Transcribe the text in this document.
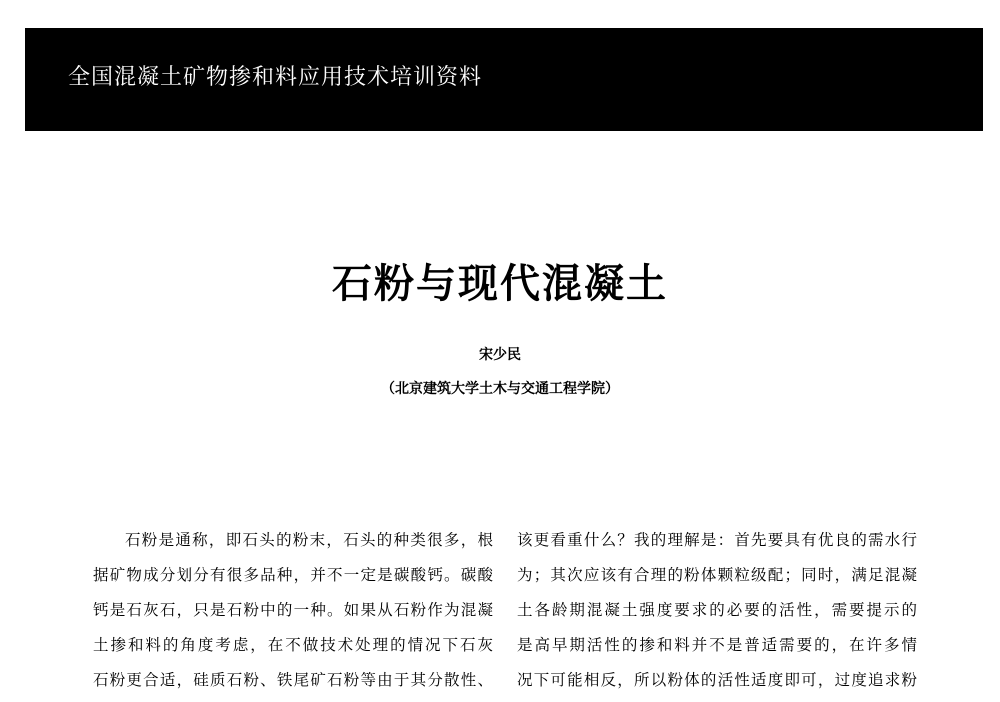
全国混凝土矿物掺和料应用技术培训资料
石粉与现代混凝土
宋少民
（北京建筑大学土木与交通工程学院）
石粉是通称，即石头的粉末，石头的种类很多，根
据矿物成分划分有很多品种，并不一定是碳酸钙。碳酸
钙是石灰石，只是石粉中的一种。如果从石粉作为混凝
土掺和料的角度考虑，在不做技术处理的情况下石灰
石粉更合适，硅质石粉、铁尾矿石粉等由于其分散性、
该更看重什么？我的理解是：首先要具有优良的需水行
为；其次应该有合理的粉体颗粒级配；同时，满足混凝
土各龄期混凝土强度要求的必要的活性，需要提示的
是高早期活性的掺和料并不是普适需要的，在许多情
况下可能相反，所以粉体的活性适度即可，过度追求粉
